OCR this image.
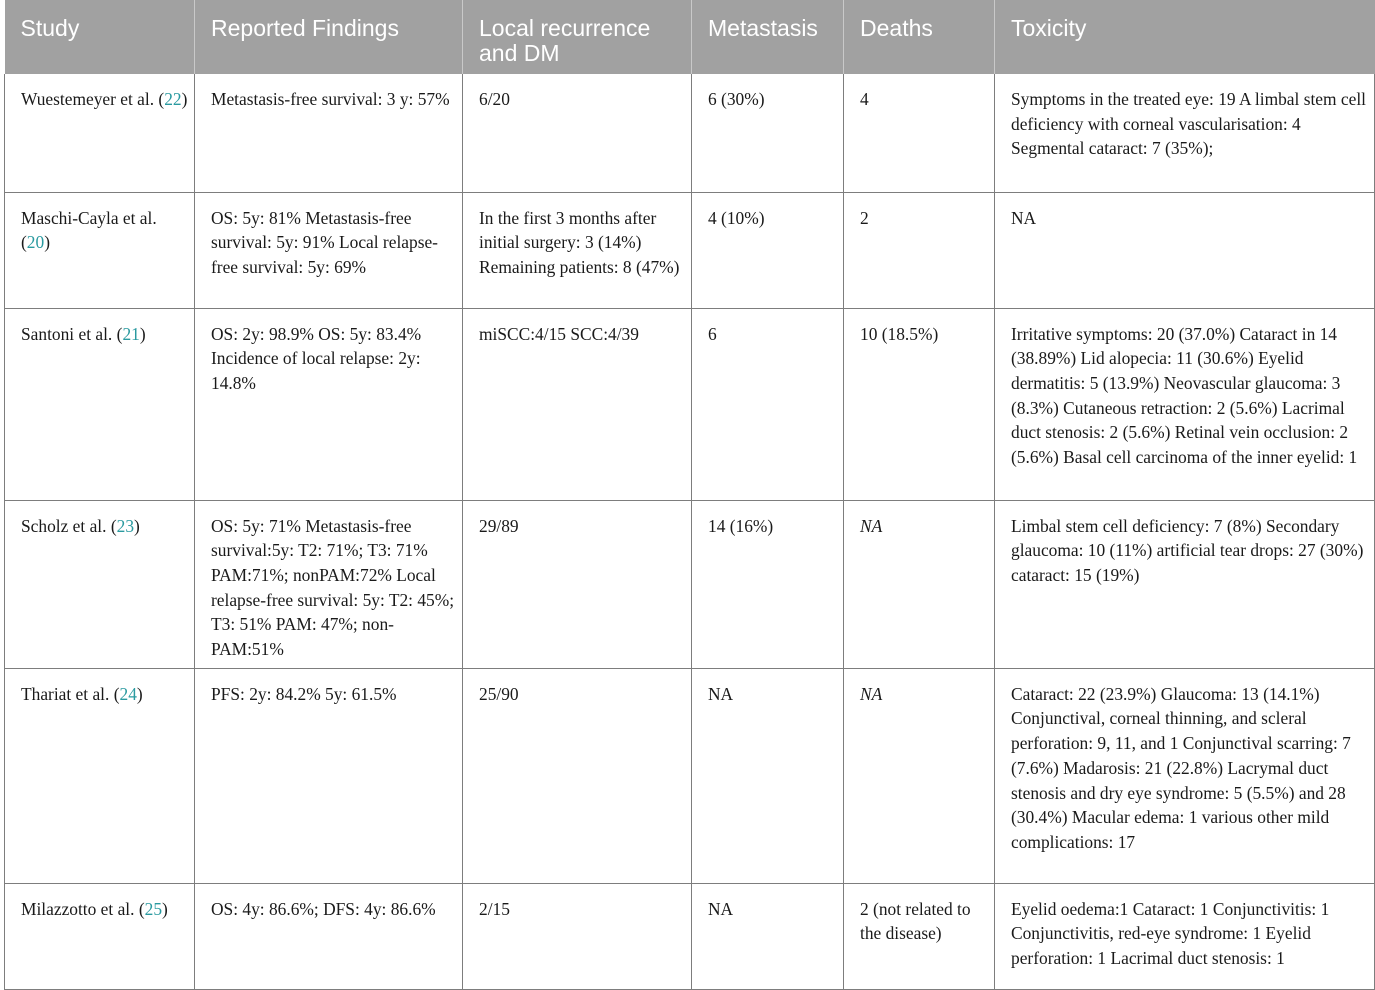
Study	Reported Findings	Local recurrence and DM	Metastasis	Deaths	Toxicity
Wuestemeyer et al. (22)	Metastasis-free survival: 3 y: 57%	6/20	6 (30%)	4	Symptoms in the treated eye: 19 A limbal stem cell deficiency with corneal vascularisation: 4 Segmental cataract: 7 (35%);
Maschi-Cayla et al. (20)	OS: 5y: 81% Metastasis-free survival: 5y: 91% Local relapse-free survival: 5y: 69%	In the first 3 months after initial surgery: 3 (14%) Remaining patients: 8 (47%)	4 (10%)	2	NA
Santoni et al. (21)	OS: 2y: 98.9% OS: 5y: 83.4% Incidence of local relapse: 2y: 14.8%	miSCC:4/15 SCC:4/39	6	10 (18.5%)	Irritative symptoms: 20 (37.0%) Cataract in 14 (38.89%) Lid alopecia: 11 (30.6%) Eyelid dermatitis: 5 (13.9%) Neovascular glaucoma: 3 (8.3%) Cutaneous retraction: 2 (5.6%) Lacrimal duct stenosis: 2 (5.6%) Retinal vein occlusion: 2 (5.6%) Basal cell carcinoma of the inner eyelid: 1
Scholz et al. (23)	OS: 5y: 71% Metastasis-free survival:5y: T2: 71%; T3: 71% PAM:71%; nonPAM:72% Local relapse-free survival: 5y: T2: 45%; T3: 51% PAM: 47%; non-PAM:51%	29/89	14 (16%)	NA	Limbal stem cell deficiency: 7 (8%) Secondary glaucoma: 10 (11%) artificial tear drops: 27 (30%) cataract: 15 (19%)
Thariat et al. (24)	PFS: 2y: 84.2% 5y: 61.5%	25/90	NA	NA	Cataract: 22 (23.9%) Glaucoma: 13 (14.1%) Conjunctival, corneal thinning, and scleral perforation: 9, 11, and 1 Conjunctival scarring: 7 (7.6%) Madarosis: 21 (22.8%) Lacrymal duct stenosis and dry eye syndrome: 5 (5.5%) and 28 (30.4%) Macular edema: 1 various other mild complications: 17
Milazzotto et al. (25)	OS: 4y: 86.6%; DFS: 4y: 86.6%	2/15	NA	2 (not related to the disease)	Eyelid oedema:1 Cataract: 1 Conjunctivitis: 1 Conjunctivitis, red-eye syndrome: 1 Eyelid perforation: 1 Lacrimal duct stenosis: 1
